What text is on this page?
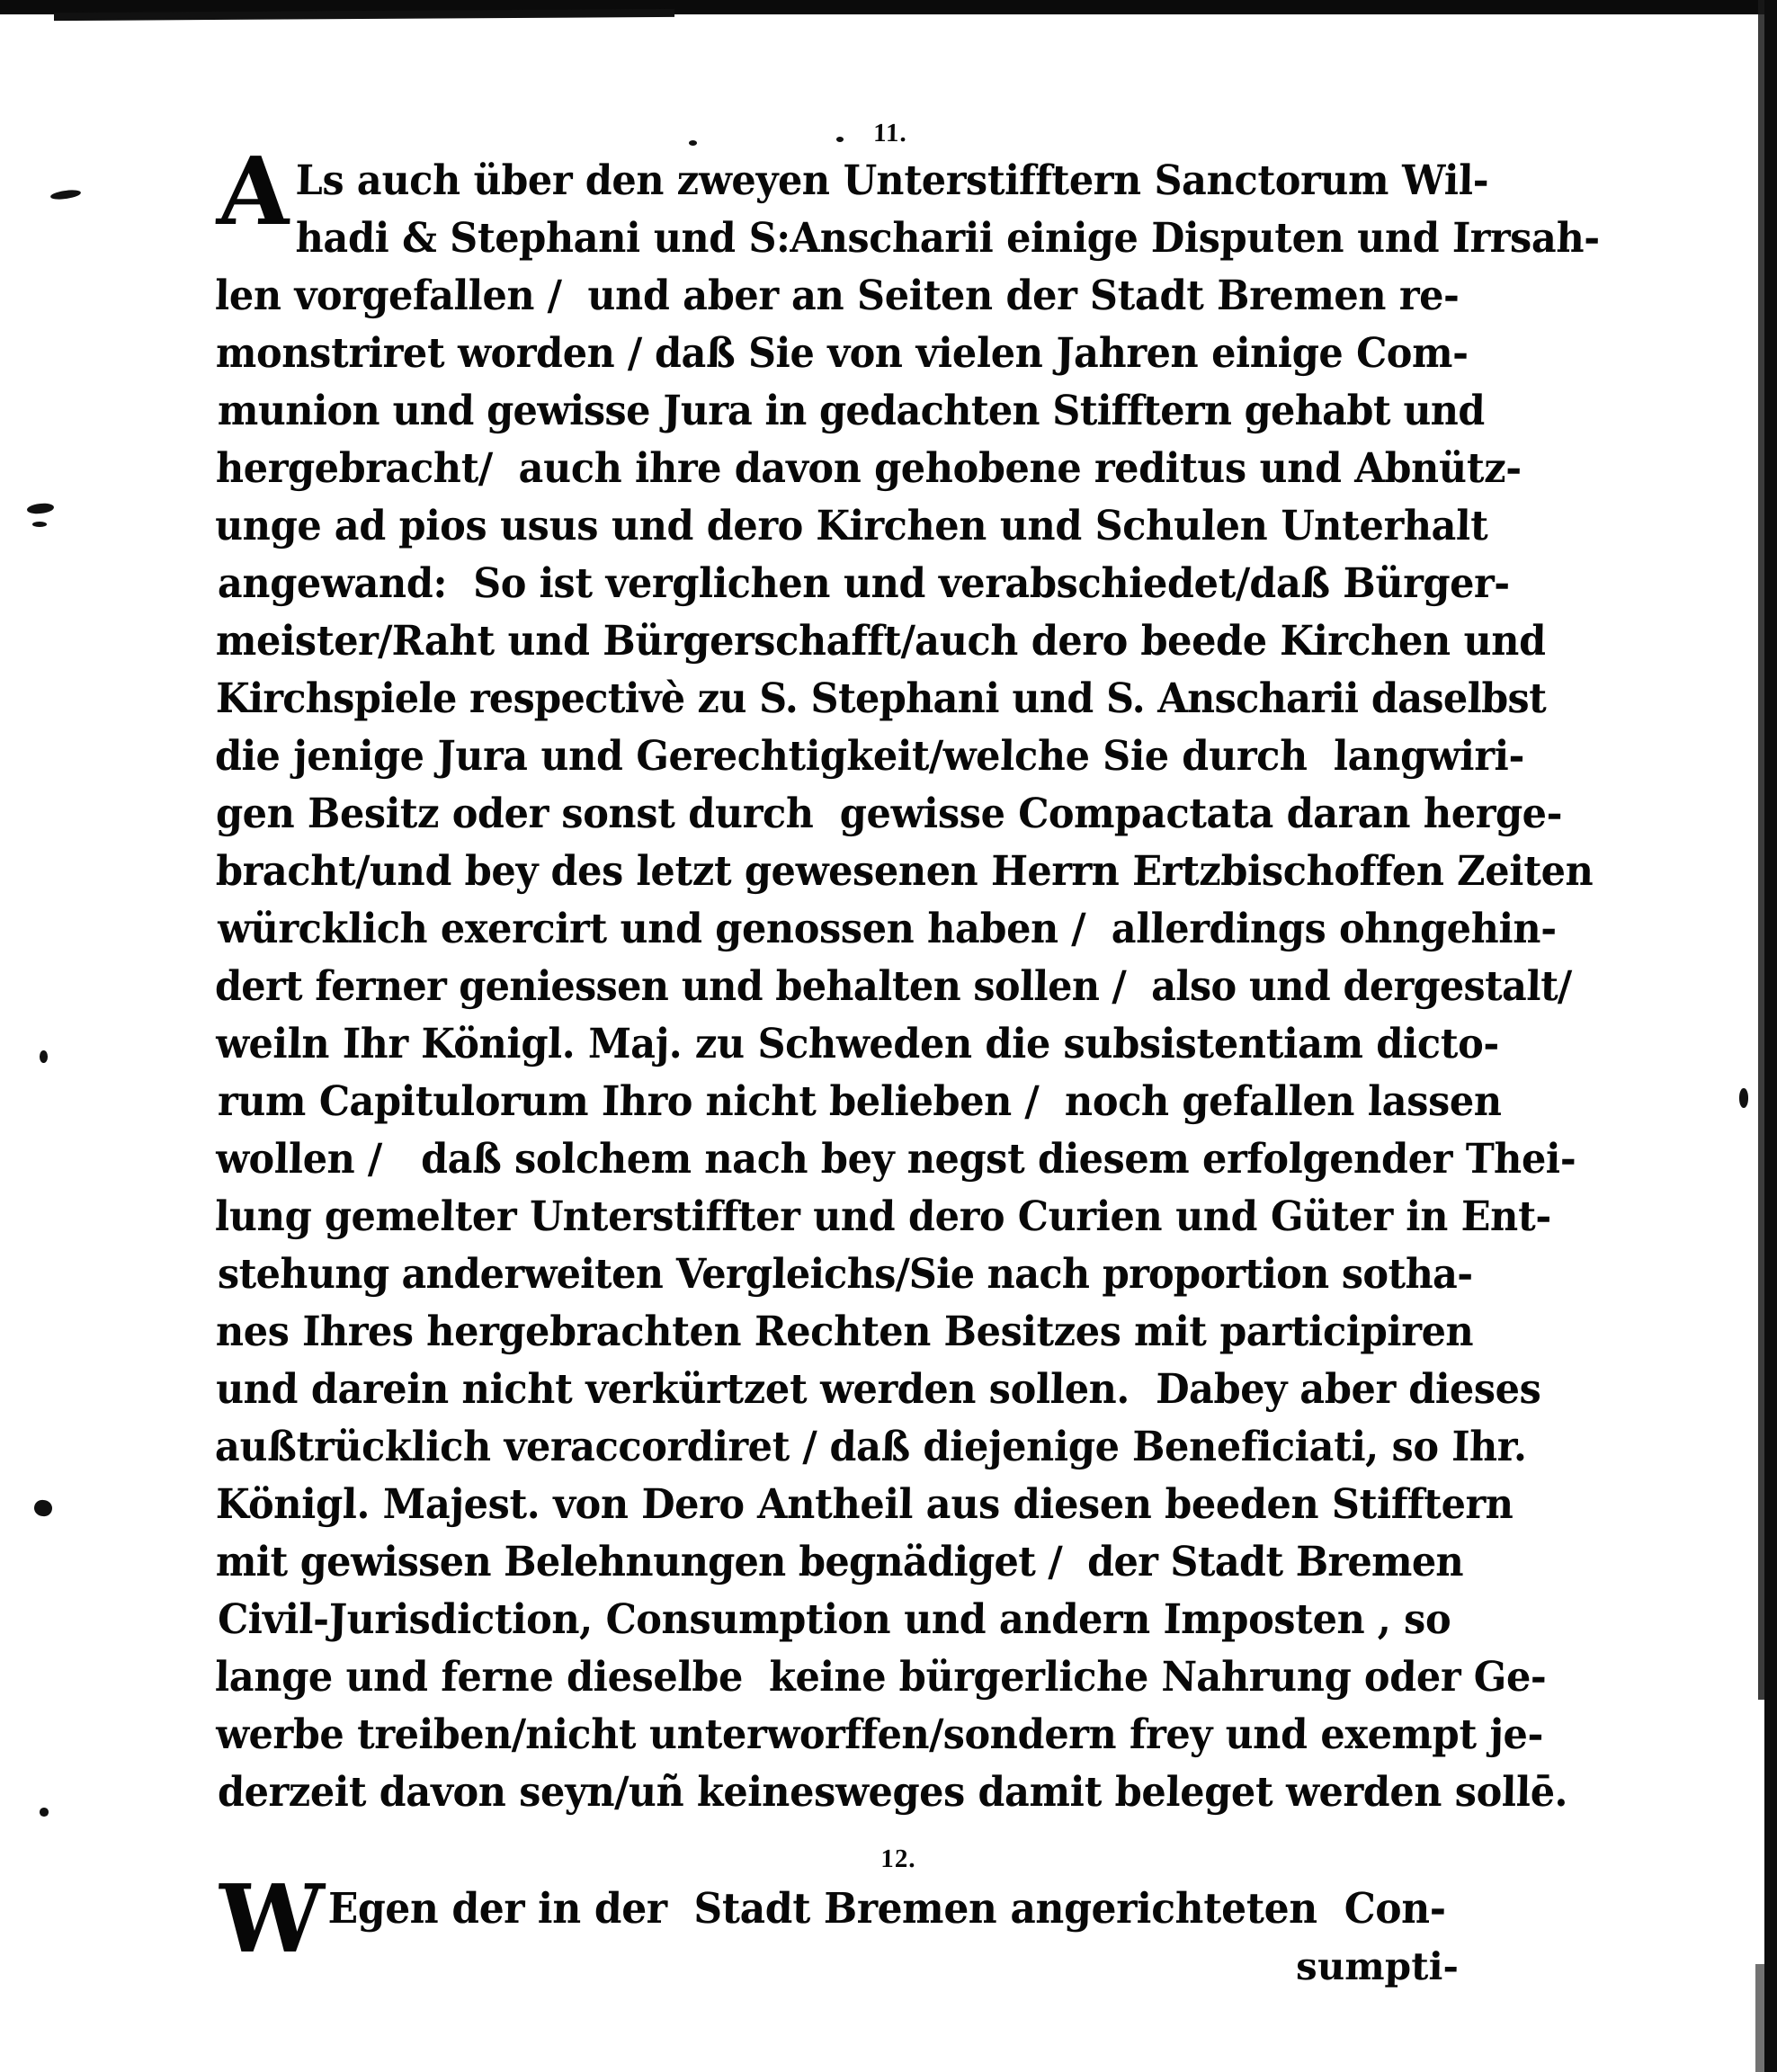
11.
A Ls auch über den zweyen Unterstifftern Sanctorum Wil-
hadi & Stephani und S:Anscharii einige Disputen und Irrsah-
len vorgefallen /  und aber an Seiten der Stadt Bremen re-
monstriret worden / daß Sie von vielen Jahren einige Com-
munion und gewisse Jura in gedachten Stifftern gehabt und
hergebracht/  auch ihre davon gehobene reditus und Abnütz-
unge ad pios usus und dero Kirchen und Schulen Unterhalt
angewand:  So ist verglichen und verabschiedet/daß Bürger-
meister/Raht und Bürgerschafft/auch dero beede Kirchen und
Kirchspiele respectivè zu S. Stephani und S. Anscharii daselbst
die jenige Jura und Gerechtigkeit/welche Sie durch  langwiri-
gen Besitz oder sonst durch  gewisse Compactata daran herge-
bracht/und bey des letzt gewesenen Herrn Ertzbischoffen Zeiten
würcklich exercirt und genossen haben /  allerdings ohngehin-
dert ferner geniessen und behalten sollen /  also und dergestalt/
weiln Ihr Königl. Maj. zu Schweden die subsistentiam dicto-
rum Capitulorum Ihro nicht belieben /  noch gefallen lassen
wollen /   daß solchem nach bey negst diesem erfolgender Thei-
lung gemelter Unterstiffter und dero Curien und Güter in Ent-
stehung anderweiten Vergleichs/Sie nach proportion sotha-
nes Ihres hergebrachten Rechten Besitzes mit participiren
und darein nicht verkürtzet werden sollen.  Dabey aber dieses
außtrücklich veraccordiret / daß diejenige Beneficiati, so Ihr.
Königl. Majest. von Dero Antheil aus diesen beeden Stifftern
mit gewissen Belehnungen begnädiget /  der Stadt Bremen
Civil-Jurisdiction, Consumption und andern Imposten , so
lange und ferne dieselbe  keine bürgerliche Nahrung oder Ge-
werbe treiben/nicht unterworffen/sondern frey und exempt je-
derzeit davon seyn/uñ keinesweges damit beleget werden sollē.
12.
W Egen der in der  Stadt Bremen angerichteten  Con-
sumpti-
